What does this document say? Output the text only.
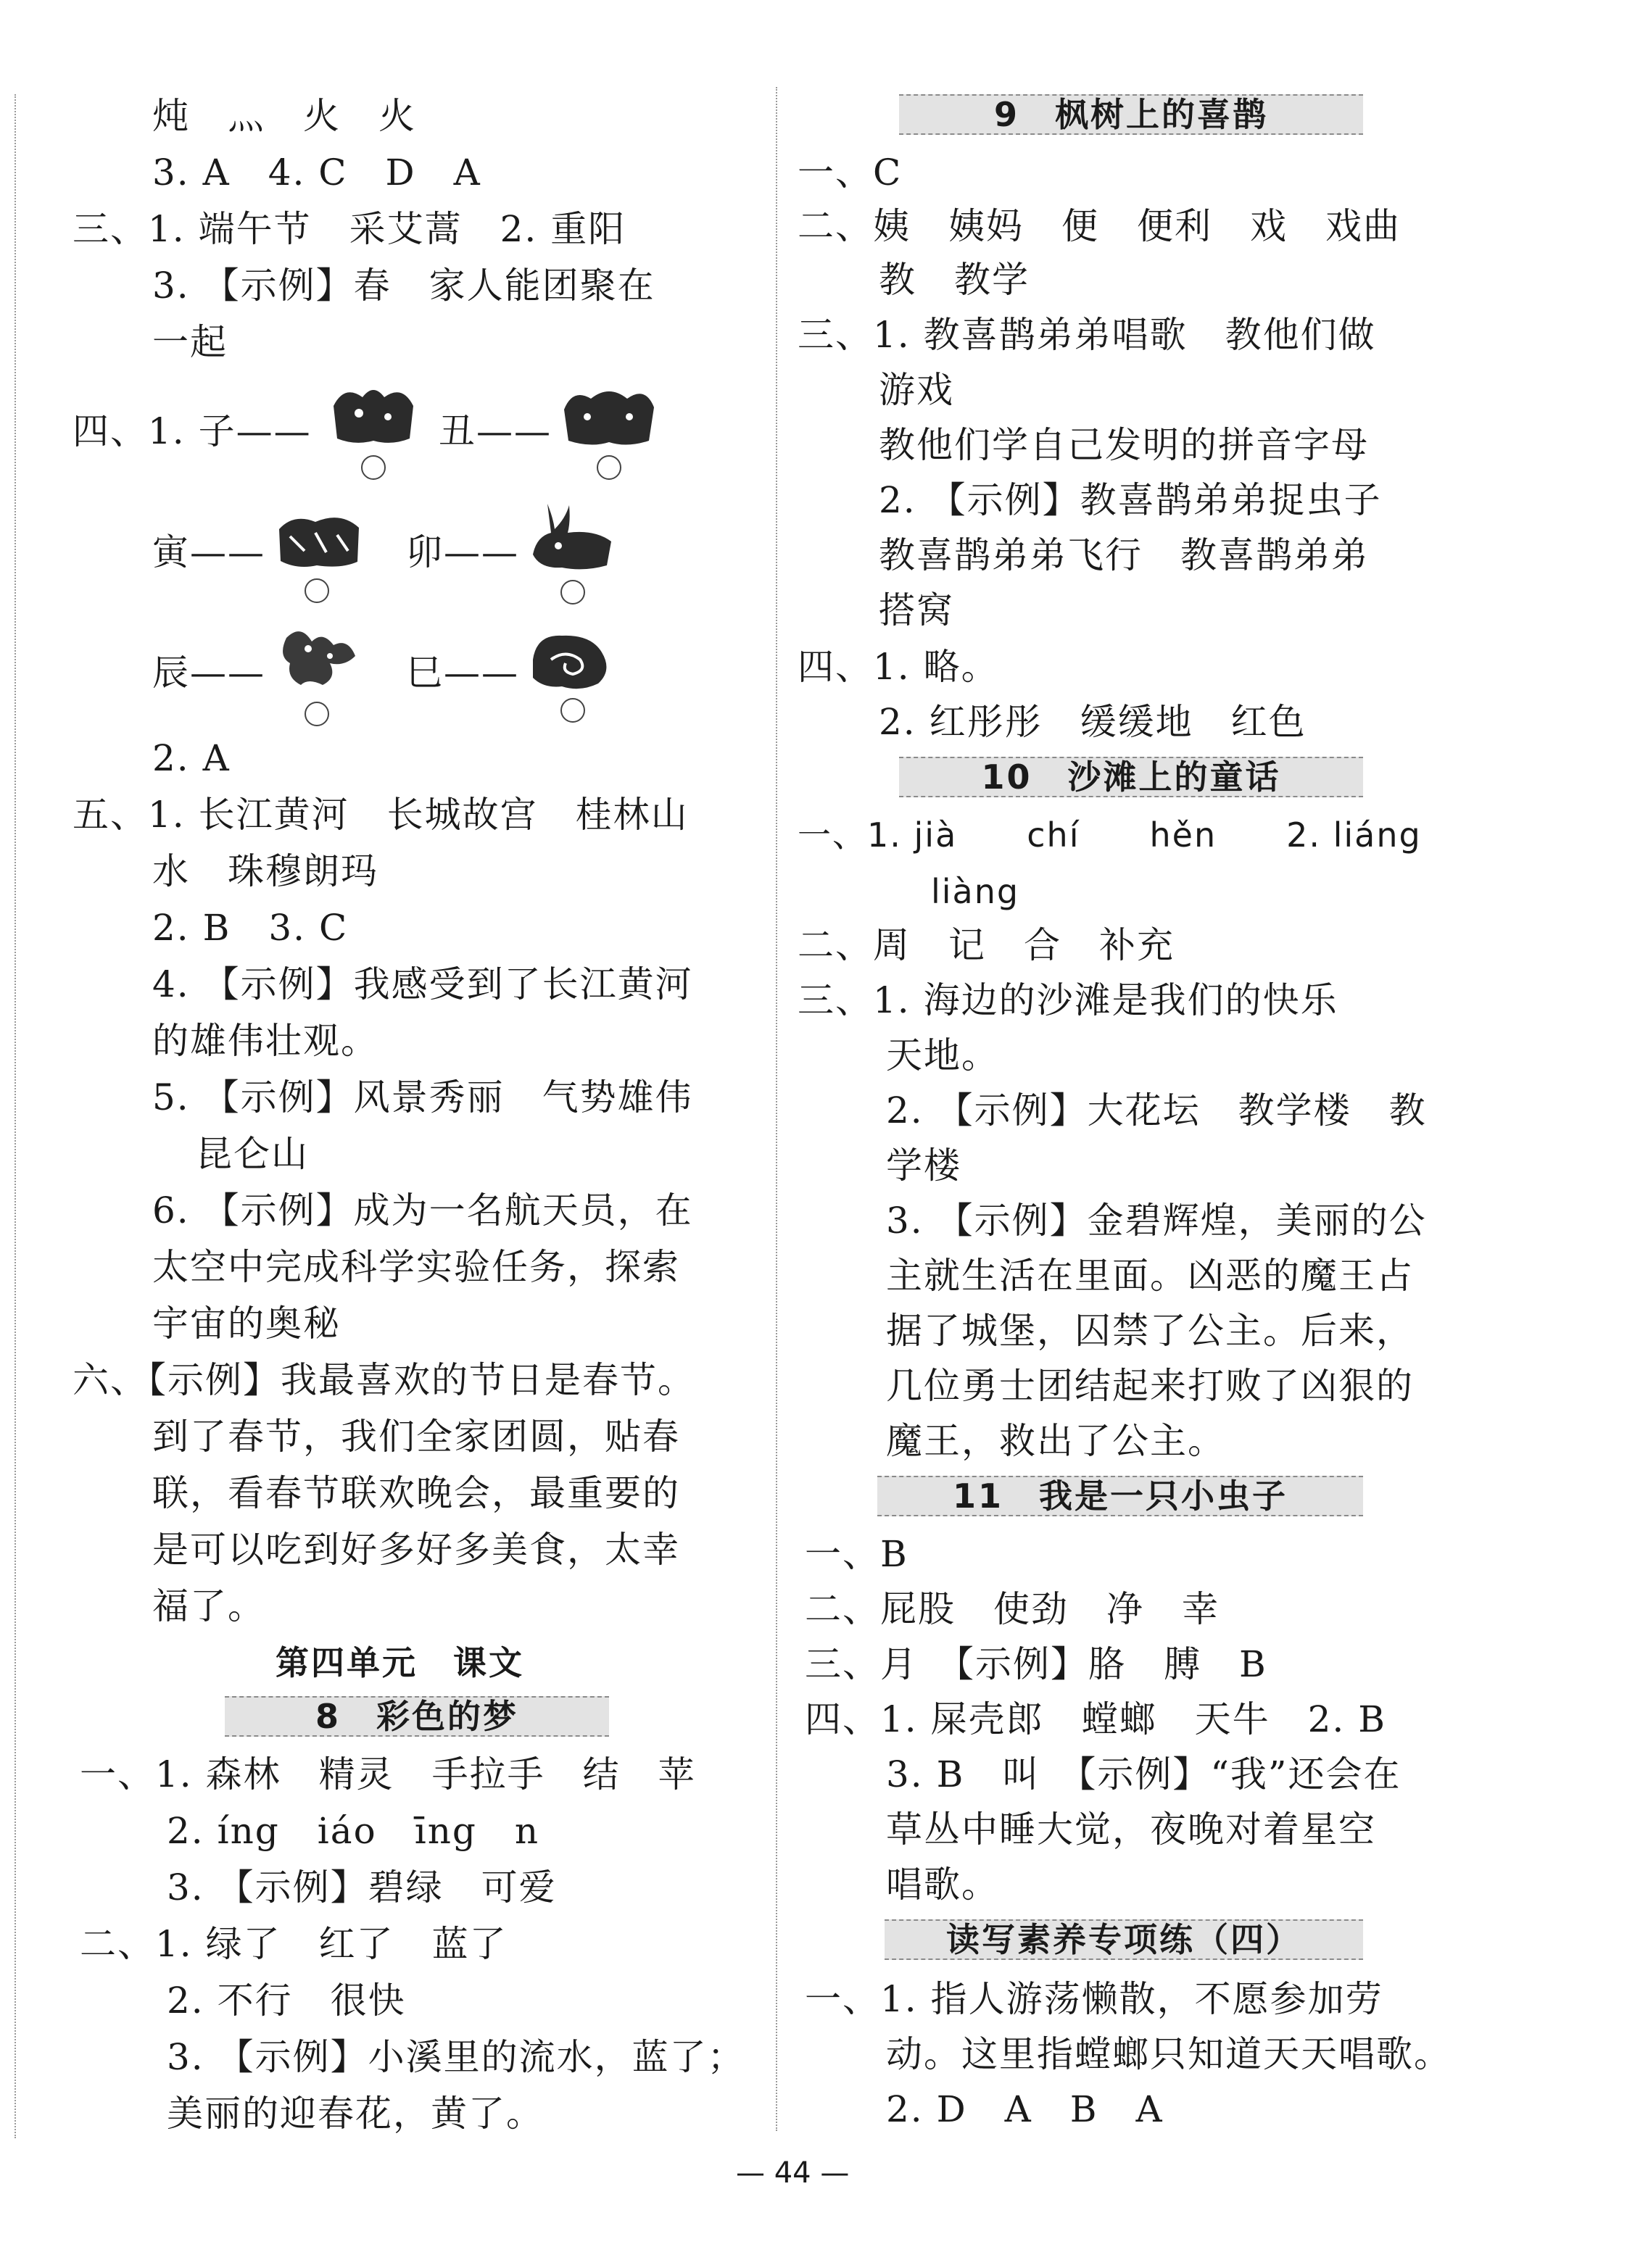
炖　灬　火　火
3. A　4. C　D　A
三、1. 端午节　采艾蒿　2. 重阳
3. 【示例】春　家人能团聚在
一起
四、1. 子——	丑——
寅——	卯——
辰——	巳——
2. A
五、1. 长江黄河　长城故宫　桂林山
水　珠穆朗玛
2. B　3. C
4. 【示例】我感受到了长江黄河
的雄伟壮观。
5. 【示例】风景秀丽　气势雄伟
昆仑山
6. 【示例】成为一名航天员，在
太空中完成科学实验任务，探索
宇宙的奥秘
六、【示例】我最喜欢的节日是春节。
到了春节，我们全家团圆，贴春
联，看春节联欢晚会，最重要的
是可以吃到好多好多美食，太幸
福了。
第四单元　课文
8　彩色的梦
一、1. 森林　精灵　手拉手　结　苹
2. íng　iáo　īng　n
3. 【示例】碧绿　可爱
二、1. 绿了　红了　蓝了
2. 不行　很快
3. 【示例】小溪里的流水，蓝了；
美丽的迎春花，黄了。
9　枫树上的喜鹊
一、C
二、姨　姨妈　便　便利　戏　戏曲
教　教学
三、1. 教喜鹊弟弟唱歌　教他们做
游戏
教他们学自己发明的拼音字母
2. 【示例】教喜鹊弟弟捉虫子
教喜鹊弟弟飞行　教喜鹊弟弟
搭窝
四、1. 略。
2. 红彤彤　缓缓地　红色
10　沙滩上的童话
一、1. jià　　chí　　hěn　　2. liáng
liàng
二、周　记　合　补充
三、1. 海边的沙滩是我们的快乐
天地。
2. 【示例】大花坛　教学楼　教
学楼
3. 【示例】金碧辉煌，美丽的公
主就生活在里面。凶恶的魔王占
据了城堡，囚禁了公主。后来，
几位勇士团结起来打败了凶狠的
魔王，救出了公主。
11　我是一只小虫子
一、B
二、屁股　使劲　净　幸
三、月　【示例】胳　膊　B
四、1. 屎壳郎　螳螂　天牛　2. B
3. B　叫　【示例】“我”还会在
草丛中睡大觉，夜晚对着星空
唱歌。
读写素养专项练（四）
一、1. 指人游荡懒散，不愿参加劳
动。这里指螳螂只知道天天唱歌。
2. D　A　B　A
— 44 —
